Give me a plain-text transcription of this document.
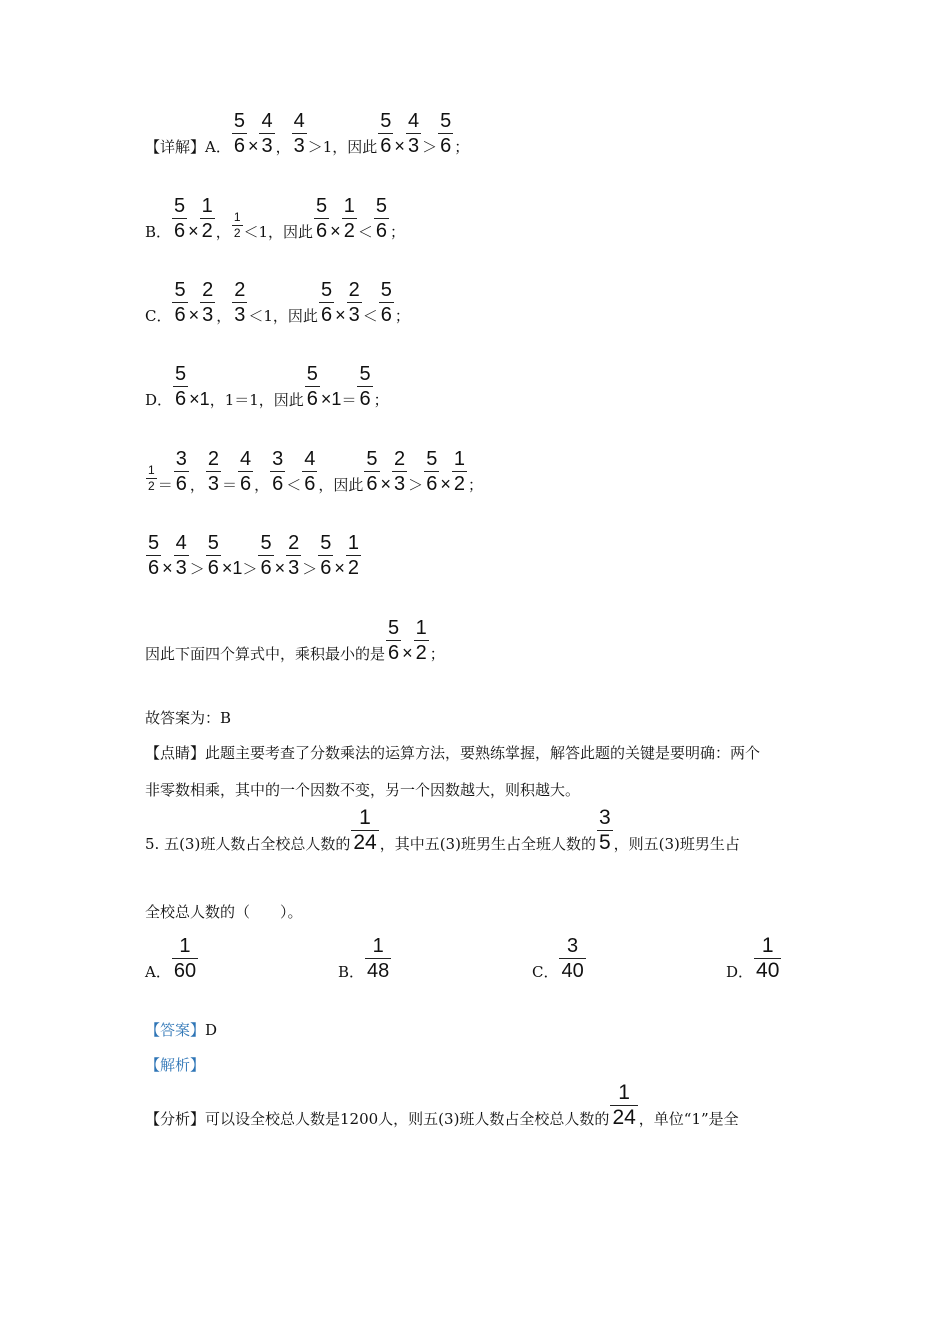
【详解】A． $\frac{5}{6} \times \frac{4}{3}$ ， $\frac{4}{3} >1$，因此 $\frac{5}{6} \times \frac{4}{3} > \frac{5}{6}$ ；
B． $\frac{5}{6} \times \frac{1}{2}$ ， $\frac{1}{2} <1$，因此 $\frac{5}{6} \times \frac{1}{2} < \frac{5}{6}$ ；
C． $\frac{5}{6} \times \frac{2}{3}$ ， $\frac{2}{3} <1$，因此 $\frac{5}{6} \times \frac{2}{3} < \frac{5}{6}$ ；
D． $\frac{5}{6} \times 1$，1＝1，因此 $\frac{5}{6} \times 1= \frac{5}{6}$ ；
$\frac{1}{2} = \frac{3}{6}$ ， $\frac{2}{3} = \frac{4}{6}$ ， $\frac{3}{6} < \frac{4}{6}$ ，因此 $\frac{5}{6} \times \frac{2}{3} > \frac{5}{6} \times \frac{1}{2}$ ；
$\frac{5}{6} \times \frac{4}{3} > \frac{5}{6} \times 1> \frac{5}{6} \times \frac{2}{3} > \frac{5}{6} \times \frac{1}{2}$
因此下面四个算式中，乘积最小的是 $\frac{5}{6} \times \frac{1}{2}$ ；
故答案为：B
【点睛】此题主要考查了分数乘法的运算方法，要熟练掌握，解答此题的关键是要明确：两个
非零数相乘，其中的一个因数不变，另一个因数越大，则积越大。
5. 五(3)班人数占全校总人数的 $\frac{1}{24}$ ，其中五(3)班男生占全班人数的 $\frac{3}{5}$ ，则五(3)班男生占
全校总人数的（　　）。
【答案】D
【解析】
【分析】可以设全校总人数是1200人，则五(3)班人数占全校总人数的 $\frac{1}{24}$ ，单位“1”是全
A． $\frac{1}{60}$	B． $\frac{1}{48}$	C． $\frac{3}{40}$	D． $\frac{1}{40}$
